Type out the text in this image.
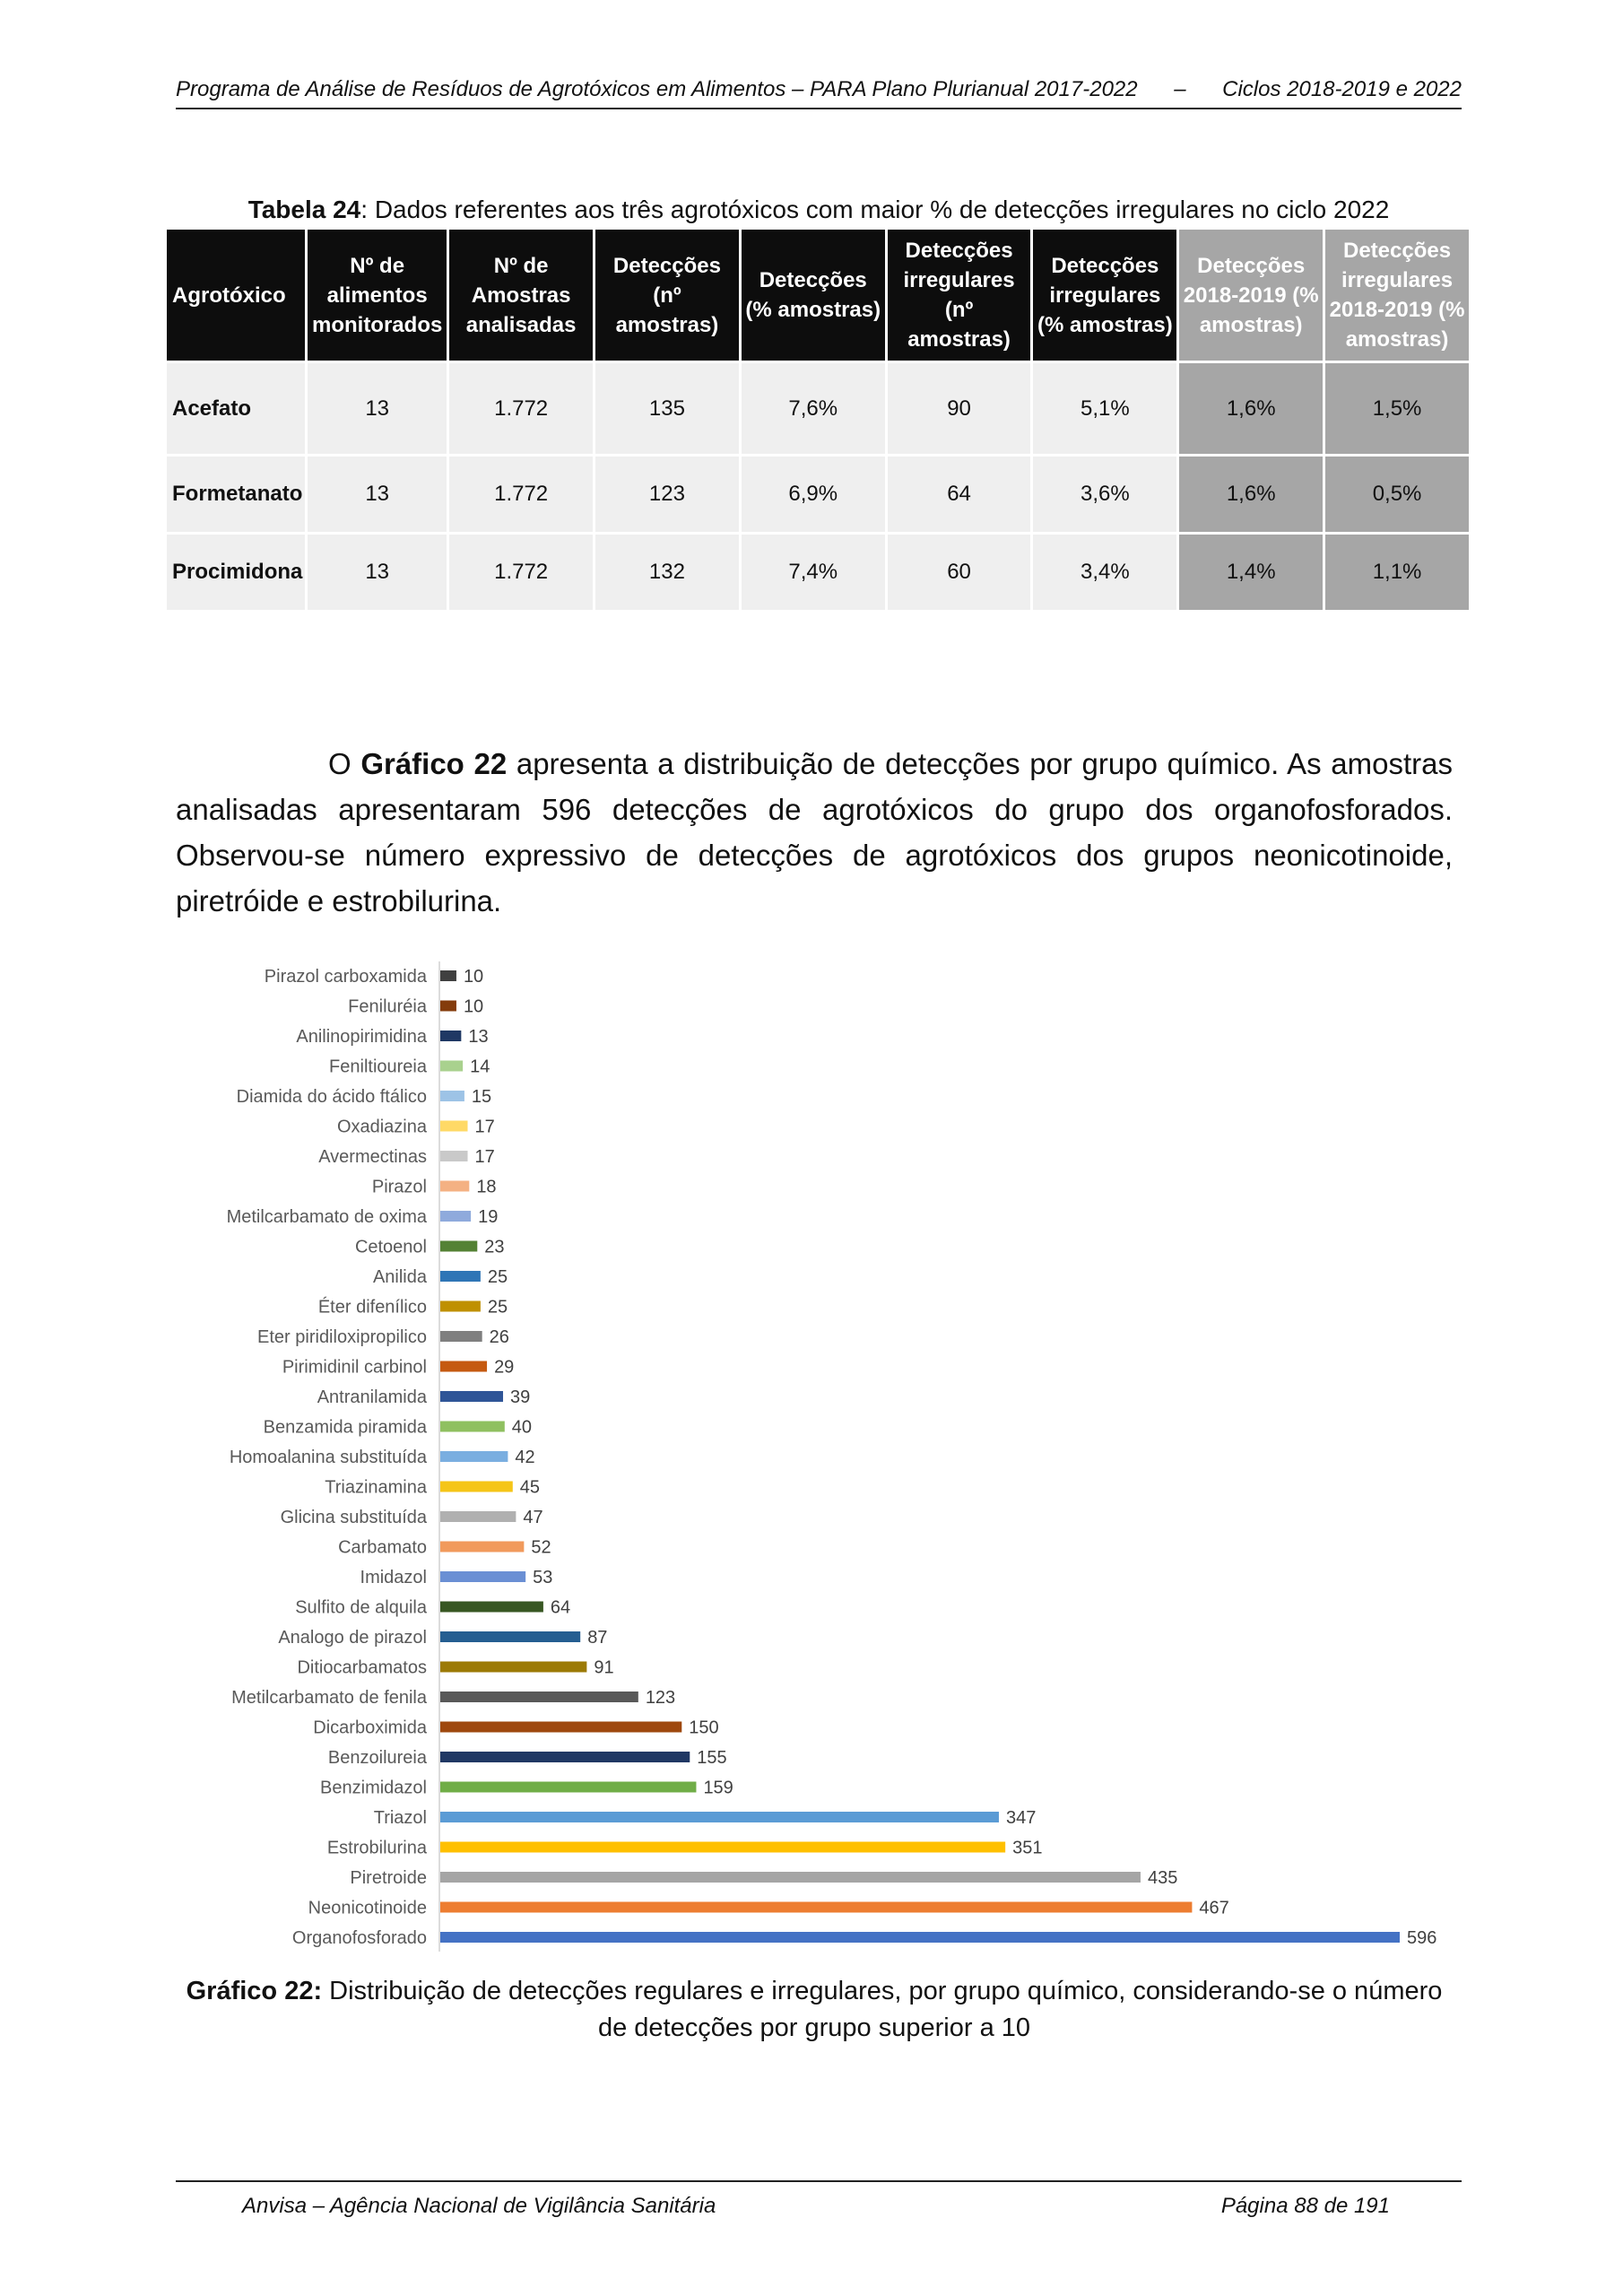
Programa de Análise de Resíduos de Agrotóxicos em Alimentos – PARA Plano Plurianual 2017-2022 – Ciclos 2018-2019 e 2022
Tabela 24: Dados referentes aos três agrotóxicos com maior % de detecções irregulares no ciclo 2022
Agrotóxico	Nº de alimentos monitorados	Nº de Amostras analisadas	Detecções (nº amostras)	Detecções (% amostras)	Detecções irregulares (nº amostras)	Detecções irregulares (% amostras)	Detecções 2018-2019 (% amostras)	Detecções irregulares 2018-2019 (% amostras)
Acefato	13	1.772	135	7,6%	90	5,1%	1,6%	1,5%
Formetanato	13	1.772	123	6,9%	64	3,6%	1,6%	0,5%
Procimidona	13	1.772	132	7,4%	60	3,4%	1,4%	1,1%

O Gráfico 22 apresenta a distribuição de detecções por grupo químico. As amostras analisadas apresentaram 596 detecções de agrotóxicos do grupo dos organofosforados. Observou-se número expressivo de detecções de agrotóxicos dos grupos neonicotinoide, piretróide e estrobilurina.

Pirazol carboxamida 10
Feniluréia 10
Anilinopirimidina 13
Feniltioureia 14
Diamida do ácido ftálico 15
Oxadiazina	17
Avermectinas	17
Pirazol	18
Metilcarbamato de oxima	19
Cetoenol	23
Anilida	25
Éter difenílico	25
Eter piridiloxipropilico	26
Pirimidinil carbinol	29
Antranilamida	39
Benzamida piramida	40
Homoalanina substituída	42
Triazinamina	45
Glicina substituída	47
Carbamato	52
Imidazol	53
Sulfito de alquila	64
Analogo de pirazol	87
Ditiocarbamatos	91
Metilcarbamato de fenila	123
Dicarboximida	150
Benzoilureia	155
Benzimidazol	159
Triazol	347
Estrobilurina	351
Piretroide	435
Neonicotinoide	467
Organofosforado	596
Gráfico 22: Distribuição de detecções regulares e irregulares, por grupo químico, considerando-se o número de detecções por grupo superior a 10
Anvisa – Agência Nacional de Vigilância Sanitária	Página 88 de 191
